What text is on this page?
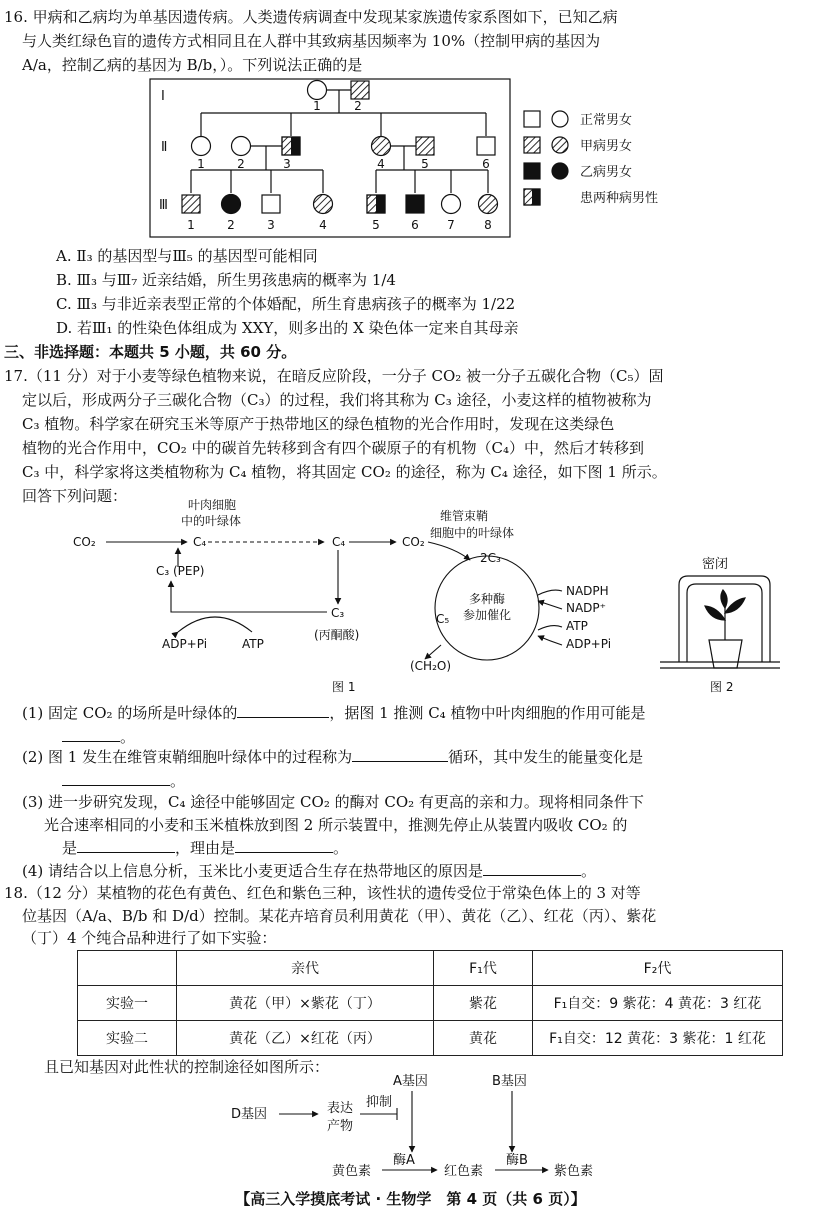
16. 甲病和乙病均为单基因遗传病。人类遗传病调查中发现某家族遗传家系图如下，已知乙病
与人类红绿色盲的遗传方式相同且在人群中其致病基因频率为 10%（控制甲病的基因为
A/a，控制乙病的基因为 B/b，）。下列说法正确的是
Ⅰ
Ⅱ
Ⅲ
1	2
1	2	3	4	5	6
1	2	3	4	5	6 7 8
正常男女
甲病男女
乙病男女
患两种病男性
A. Ⅱ₃ 的基因型与Ⅲ₅ 的基因型可能相同
B. Ⅲ₃ 与Ⅲ₇ 近亲结婚，所生男孩患病的概率为 1/4
C. Ⅲ₃ 与非近亲表型正常的个体婚配，所生育患病孩子的概率为 1/22
D. 若Ⅲ₁ 的性染色体组成为 XXY，则多出的 X 染色体一定来自其母亲
三、非选择题：本题共 5 小题，共 60 分。
17.（11 分）对于小麦等绿色植物来说，在暗反应阶段，一分子 CO₂ 被一分子五碳化合物（C₅）固
定以后，形成两分子三碳化合物（C₃）的过程，我们将其称为 C₃ 途径，小麦这样的植物被称为
C₃ 植物。科学家在研究玉米等原产于热带地区的绿色植物的光合作用时，发现在这类绿色
植物的光合作用中，CO₂ 中的碳首先转移到含有四个碳原子的有机物（C₄）中，然后才转移到
C₃ 中，科学家将这类植物称为 C₄ 植物，将其固定 CO₂ 的途径，称为 C₄ 途径，如下图 1 所示。
回答下列问题：	叶肉细胞
中的叶绿体	维管束鞘
细胞中的叶绿体
CO₂	C₄	C₄	CO₂
C₃ (PEP)
C₃
(丙酮酸)
ADP+Pi	ATP
2C₃
多种酶
参加催化
C₅
NADPH
NADP⁺
ATP
ADP+Pi
(CH₂O)
图 1
密闭
图 2
(1) 固定 CO₂ 的场所是叶绿体的	，据图 1 推测 C₄ 植物中叶肉细胞的作用可能是
。
(2) 图 1 发生在维管束鞘细胞叶绿体中的过程称为	循环，其中发生的能量变化是
。
(3) 进一步研究发现，C₄ 途径中能够固定 CO₂ 的酶对 CO₂ 有更高的亲和力。现将相同条件下
光合速率相同的小麦和玉米植株放到图 2 所示装置中，推测先停止从装置内吸收 CO₂ 的
是	，理由是	。
(4) 请结合以上信息分析，玉米比小麦更适合生存在热带地区的原因是	。
18.（12 分）某植物的花色有黄色、红色和紫色三种，该性状的遗传受位于常染色体上的 3 对等
位基因（A/a、B/b 和 D/d）控制。某花卉培育员利用黄花（甲）、黄花（乙）、红花（丙）、紫花
（丁）4 个纯合品种进行了如下实验：
	亲代	F₁代	F₂代
实验一	黄花（甲）×紫花（丁）	紫花	F₁自交：9 紫花：4 黄花：3 红花
实验二	黄花（乙）×红花（丙）	黄花	F₁自交：12 黄花：3 紫花：1 红花
且已知基因对此性状的控制途径如图所示：
A基因	B基因
D基因	表达
产物
抑制
黄色素
酶A
红色素
酶B
紫色素
【高三入学摸底考试 · 生物学　第 4 页（共 6 页）】
